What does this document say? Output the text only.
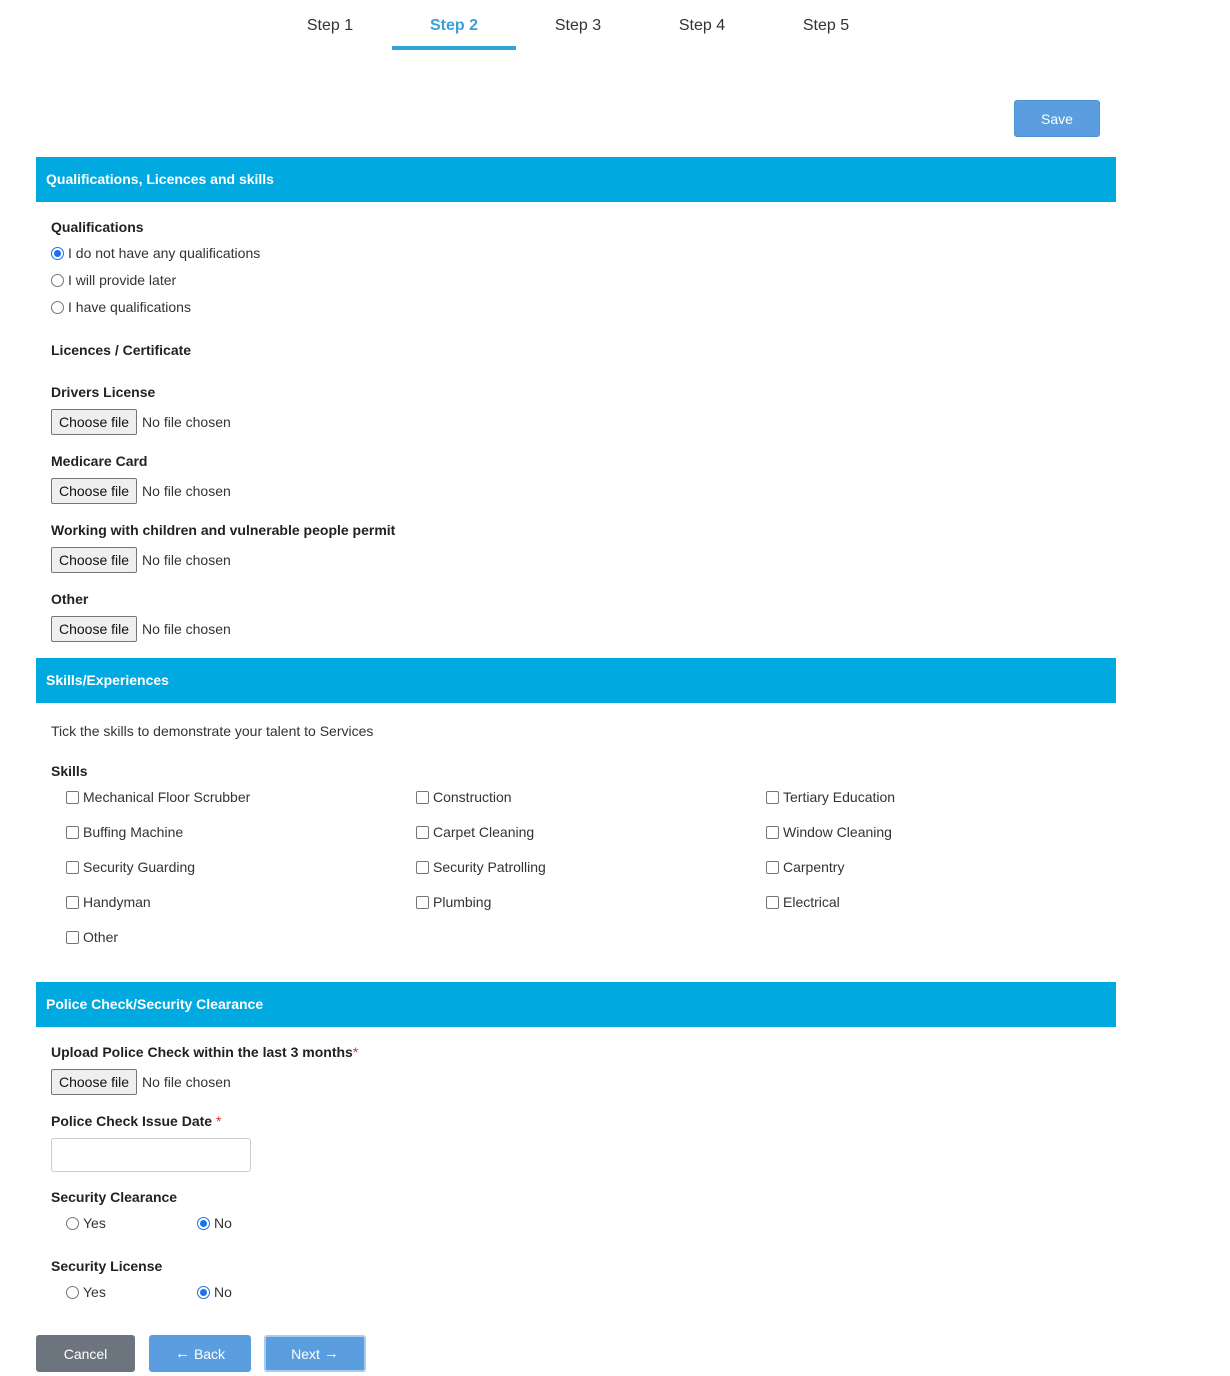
Step 1	Step 2	Step 3	Step 4	Step 5
Save
Qualifications, Licences and skills
Qualifications
I do not have any qualifications
I will provide later
I have qualifications
Licences / Certificate
Drivers License
Choose file No file chosen
Medicare Card
Choose file No file chosen
Working with children and vulnerable people permit
Choose file No file chosen
Other
Choose file No file chosen
Skills/Experiences
Tick the skills to demonstrate your talent to Services
Skills
Mechanical Floor Scrubber	Construction	Tertiary Education
Buffing Machine	Carpet Cleaning	Window Cleaning
Security Guarding	Security Patrolling	Carpentry
Handyman	Plumbing	Electrical
Other
Police Check/Security Clearance
Upload Police Check within the last 3 months*
Choose file No file chosen
Police Check Issue Date *
Security Clearance
Yes	No
Security License
Yes	No
Cancel	← Back	Next →
